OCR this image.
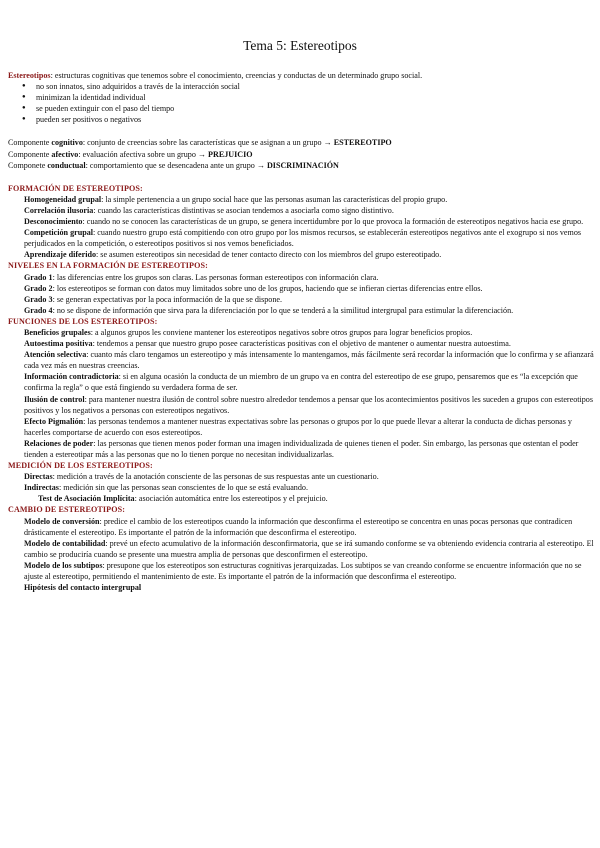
Tema 5: Estereotipos

Estereotipos: estructuras cognitivas que tenemos sobre el conocimiento, creencias y conductas de un determinado grupo social.

● no son innatos, sino adquiridos a través de la interacción social
● minimizan la identidad individual
● se pueden extinguir con el paso del tiempo
● pueden ser positivos o negativos

Componente cognitivo: conjunto de creencias sobre las características que se asignan a un grupo → ESTEREOTIPO

Componente afectivo: evaluación afectiva sobre un grupo → PREJUICIO

Componete conductual: comportamiento que se desencadena ante un grupo → DISCRIMINACIÓN

FORMACIÓN DE ESTEREOTIPOS:

Homogeneidad grupal: la simple pertenencia a un grupo social hace que las personas asuman las características del propio grupo.

Correlación ilusoria: cuando las características distintivas se asocian tendemos a asociarla como signo distintivo.

Desconocimiento: cuando no se conocen las características de un grupo, se genera incertidumbre por lo que provoca la formación de estereotipos negativos hacia ese grupo.

Competición grupal: cuando nuestro grupo está compitiendo con otro grupo por los mismos recursos, se establecerán estereotipos negativos ante el exogrupo si nos vemos perjudicados en la competición, o estereotipos positivos si nos vemos beneficiados.

Aprendizaje diferido: se asumen estereotipos sin necesidad de tener contacto directo con los miembros del grupo estereotipado.

NIVELES EN LA FORMACIÓN DE ESTEREOTIPOS:

Grado 1: las diferencias entre los grupos son claras. Las personas forman estereotipos con información clara.

Grado 2: los estereotipos se forman con datos muy limitados sobre uno de los grupos, haciendo que se infieran ciertas diferencias entre ellos.

Grado 3: se generan expectativas por la poca información de la que se dispone.

Grado 4: no se dispone de información que sirva para la diferenciación por lo que se tenderá a la similitud intergrupal para estimular la diferenciación.

FUNCIONES DE LOS ESTEREOTIPOS:

Beneficios grupales: a algunos grupos les conviene mantener los estereotipos negativos sobre otros grupos para lograr beneficios propios.

Autoestima positiva: tendemos a pensar que nuestro grupo posee características positivas con el objetivo de mantener o aumentar nuestra autoestima.

Atención selectiva: cuanto más claro tengamos un estereotipo y más intensamente lo mantengamos, más fácilmente será recordar la información que lo confirma y se afianzará cada vez más en nuestras creencias.

Información contradictoria: si en alguna ocasión la conducta de un miembro de un grupo va en contra del estereotipo de ese grupo, pensaremos que es “la excepción que confirma la regla” o que está fingiendo su verdadera forma de ser.

Ilusión de control: para mantener nuestra ilusión de control sobre nuestro alrededor tendemos a pensar que los acontecimientos positivos les suceden a grupos con estereotipos positivos y los negativos a personas con estereotipos negativos.

Efecto Pigmalión: las personas tendemos a mantener nuestras expectativas sobre las personas o grupos por lo que puede llevar a alterar la conducta de dichas personas y hacerles comportarse de acuerdo con esos estereotipos.

Relaciones de poder: las personas que tienen menos poder forman una imagen individualizada de quienes tienen el poder. Sin embargo, las personas que ostentan el poder tienden a estereotipar más a las personas que no lo tienen porque no necesitan individualizarlas.

MEDICIÓN DE LOS ESTEREOTIPOS:

Directas: medición a través de la anotación consciente de las personas de sus respuestas ante un cuestionario.

Indirectas: medición sin que las personas sean conscientes de lo que se está evaluando.

Test de Asociación Implícita: asociación automática entre los estereotipos y el prejuicio.

CAMBIO DE ESTEREOTIPOS:

Modelo de conversión: predice el cambio de los estereotipos cuando la información que desconfirma el estereotipo se concentra en unas pocas personas que contradicen drásticamente el estereotipo. Es importante el patrón de la información que desconfirma el estereotipo.

Modelo de contabilidad: prevé un efecto acumulativo de la información desconfirmatoria, que se irá sumando conforme se va obteniendo evidencia contraria al estereotipo. El cambio se produciría cuando se presente una muestra amplia de personas que desconfirmen el estereotipo.

Modelo de los subtipos: presupone que los estereotipos son estructuras cognitivas jerarquizadas. Los subtipos se van creando conforme se encuentre información que no se ajuste al estereotipo, permitiendo el mantenimiento de este. Es importante el patrón de la información que desconfirma el estereotipo.

Hipótesis del contacto intergrupal
